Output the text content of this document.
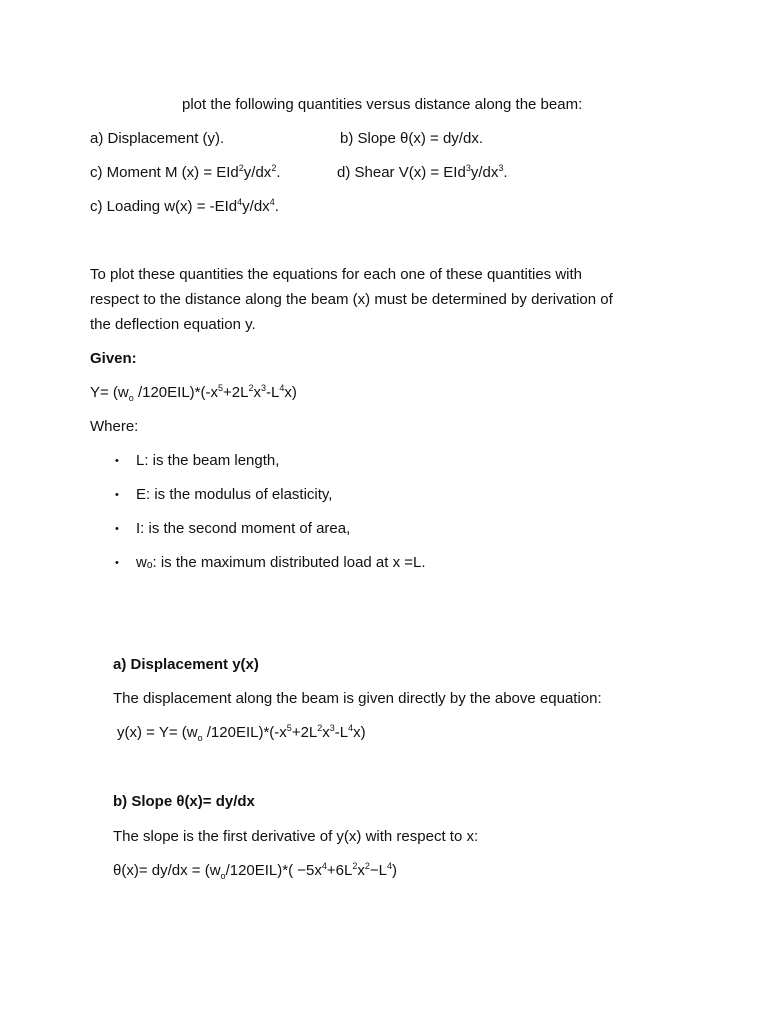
plot the following quantities versus distance along the beam:
a) Displacement (y).	b) Slope θ(x) = dy/dx.
c) Moment M $(x) = EId^2y/dx^2$.	d) Shear $V(x) = EId^3y/dx^3$.
c) Loading $w(x) = -EId^4y/dx^4$.
To plot these quantities the equations for each one of these quantities with
respect to the distance along the beam (x) must be determined by derivation of
the deflection equation y.
Given:
$Y= (w_o$ $/120EIL)*(-x^5+2L^2x^3-L^4x)$
Where:
• L: is the beam length,
• E: is the modulus of elasticity,
• I: is the second moment of area,
• wₒ: is the maximum distributed load at x =L.
a) Displacement y(x)
The displacement along the beam is given directly by the above equation:
$y(x) = Y= (w_o$ $/120EIL)*(-x^5+2L^2x^3-L^4x)$
b) Slope θ(x)= dy/dx
The slope is the first derivative of y(x) with respect to x:
$\theta(x)= dy/dx = (w_o/120EIL)*( -5x^4+6L^2x^2-L^4)$
